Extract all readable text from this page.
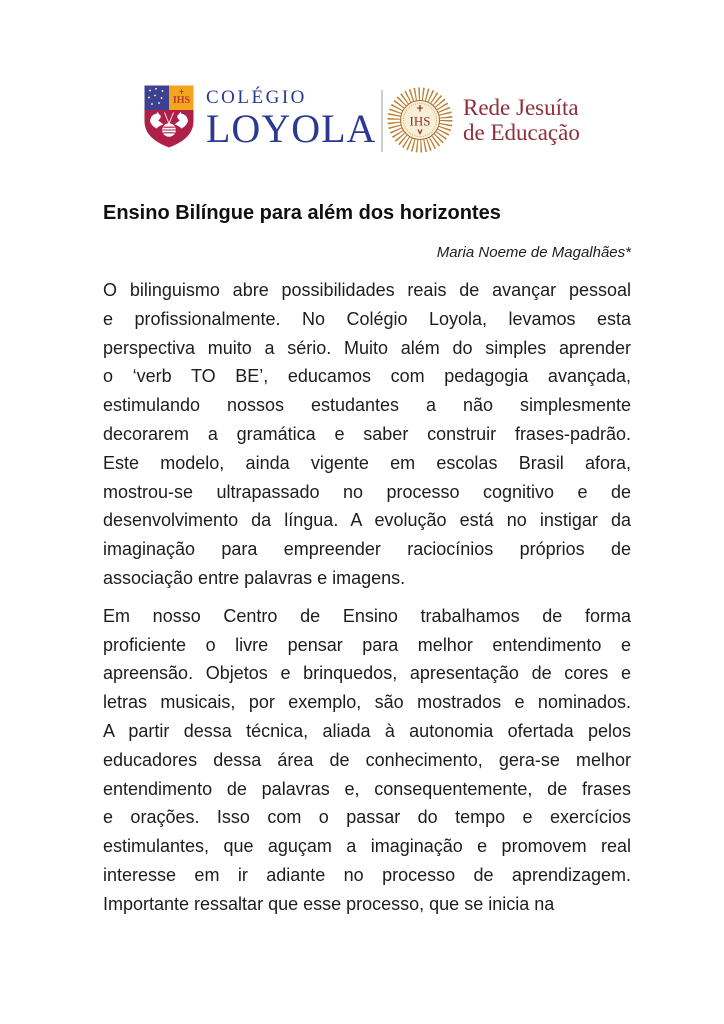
IHS COLÉGIO
LOYOLA	IHS
Rede Jesuíta
de Educação
Ensino Bilíngue para além dos horizontes
Maria Noeme de Magalhães*
O bilinguismo abre possibilidades reais de avançar pessoal
e profissionalmente. No Colégio Loyola, levamos esta
perspectiva muito a sério. Muito além do simples aprender
o ‘verb TO BE’, educamos com pedagogia avançada,
estimulando nossos estudantes a não simplesmente
decorarem a gramática e saber construir frases-padrão.
Este modelo, ainda vigente em escolas Brasil afora,
mostrou-se ultrapassado no processo cognitivo e de
desenvolvimento da língua. A evolução está no instigar da
imaginação para empreender raciocínios próprios de
associação entre palavras e imagens.
Em nosso Centro de Ensino trabalhamos de forma
proficiente o livre pensar para melhor entendimento e
apreensão. Objetos e brinquedos, apresentação de cores e
letras musicais, por exemplo, são mostrados e nominados.
A partir dessa técnica, aliada à autonomia ofertada pelos
educadores dessa área de conhecimento, gera-se melhor
entendimento de palavras e, consequentemente, de frases
e orações. Isso com o passar do tempo e exercícios
estimulantes, que aguçam a imaginação e promovem real
interesse em ir adiante no processo de aprendizagem.
Importante ressaltar que esse processo, que se inicia na
